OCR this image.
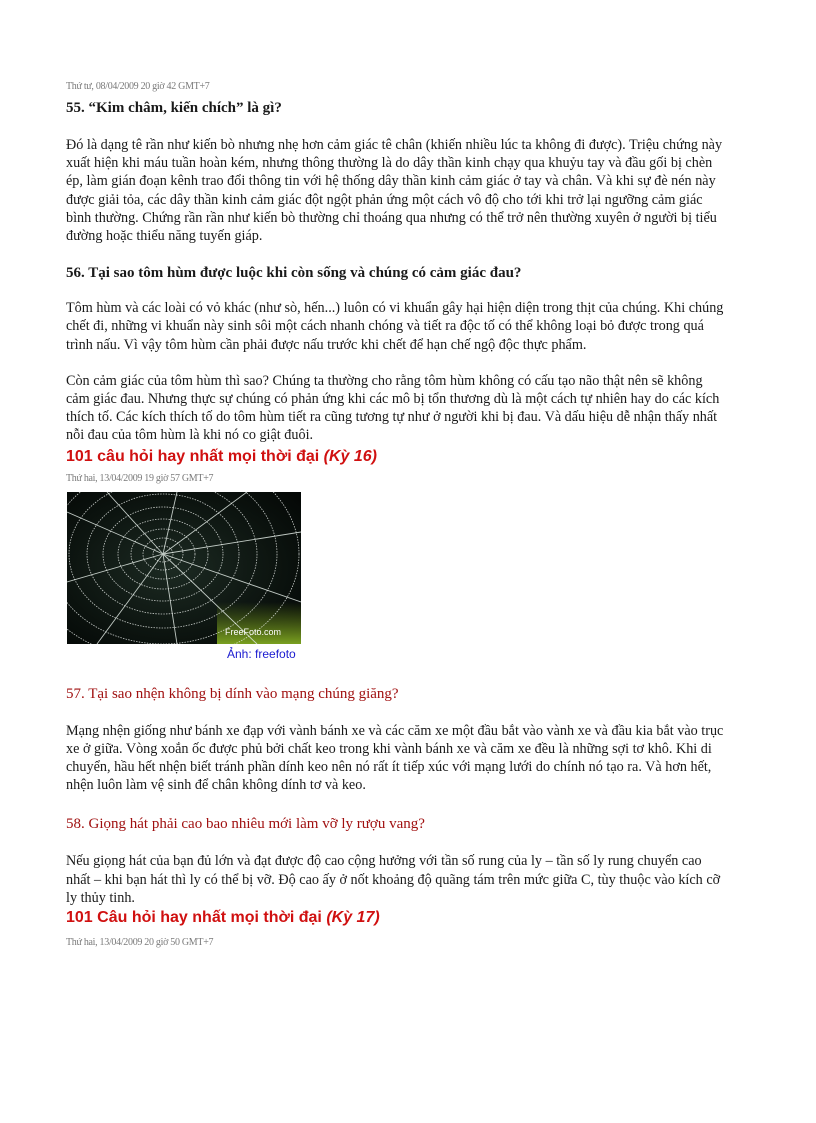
Thứ tư, 08/04/2009 20 giờ 42 GMT+7

55. “Kim châm, kiến chích” là gì?

Đó là dạng tê rần như kiến bò nhưng nhẹ hơn cảm giác tê chân (khiến nhiều lúc ta không đi được). Triệu chứng này xuất hiện khi máu tuần hoàn kém, nhưng thông thường là do dây thần kinh chạy qua khuỷu tay và đầu gối bị chèn ép, làm gián đoạn kênh trao đổi thông tin với hệ thống dây thần kinh cảm giác ở tay và chân. Và khi sự đè nén này được giải tỏa, các dây thần kinh cảm giác đột ngột phản ứng một cách vô độ cho tới khi trở lại ngưỡng cảm giác bình thường. Chứng rần rần như kiến bò thường chỉ thoáng qua nhưng có thể trở nên thường xuyên ở người bị tiểu đường hoặc thiểu năng tuyến giáp.

56. Tại sao tôm hùm được luộc khi còn sống và chúng có cảm giác đau?

Tôm hùm và các loài có vỏ khác (như sò, hến...) luôn có vi khuẩn gây hại hiện diện trong thịt của chúng. Khi chúng chết đi, những vi khuẩn này sinh sôi một cách nhanh chóng và tiết ra độc tố có thể không loại bỏ được trong quá trình nấu. Vì vậy tôm hùm cần phải được nấu trước khi chết để hạn chế ngộ độc thực phẩm.

Còn cảm giác của tôm hùm thì sao? Chúng ta thường cho rằng tôm hùm không có cấu tạo não thật nên sẽ không cảm giác đau. Nhưng thực sự chúng có phản ứng khi các mô bị tổn thương dù là một cách tự nhiên hay do các kích thích tố. Các kích thích tố do tôm hùm tiết ra cũng tương tự như ở người khi bị đau. Và dấu hiệu dễ nhận thấy nhất nỗi đau của tôm hùm là khi nó co giật đuôi.

101 câu hỏi hay nhất mọi thời đại (Kỳ 16)

Thứ hai, 13/04/2009 19 giờ 57 GMT+7

FreeFoto.com

Ảnh: freefoto

57. Tại sao nhện không bị dính vào mạng chúng giăng?

Mạng nhện giống như bánh xe đạp với vành bánh xe và các căm xe một đầu bắt vào vành xe và đầu kia bắt vào trục xe ở giữa. Vòng xoắn ốc được phủ bởi chất keo trong khi vành bánh xe và căm xe đều là những sợi tơ khô. Khi di chuyển, hầu hết nhện biết tránh phần dính keo nên nó rất ít tiếp xúc với mạng lưới do chính nó tạo ra. Và hơn hết, nhện luôn làm vệ sinh để chân không dính tơ và keo.

58. Giọng hát phải cao bao nhiêu mới làm vỡ ly rượu vang?

Nếu giọng hát của bạn đủ lớn và đạt được độ cao cộng hưởng với tần số rung của ly – tần số ly rung chuyển cao nhất – khi bạn hát thì ly có thể bị vỡ. Độ cao ấy ở nốt khoảng độ quãng tám trên mức giữa C, tùy thuộc vào kích cỡ ly thủy tinh.

101 Câu hỏi hay nhất mọi thời đại (Kỳ 17)

Thứ hai, 13/04/2009 20 giờ 50 GMT+7
